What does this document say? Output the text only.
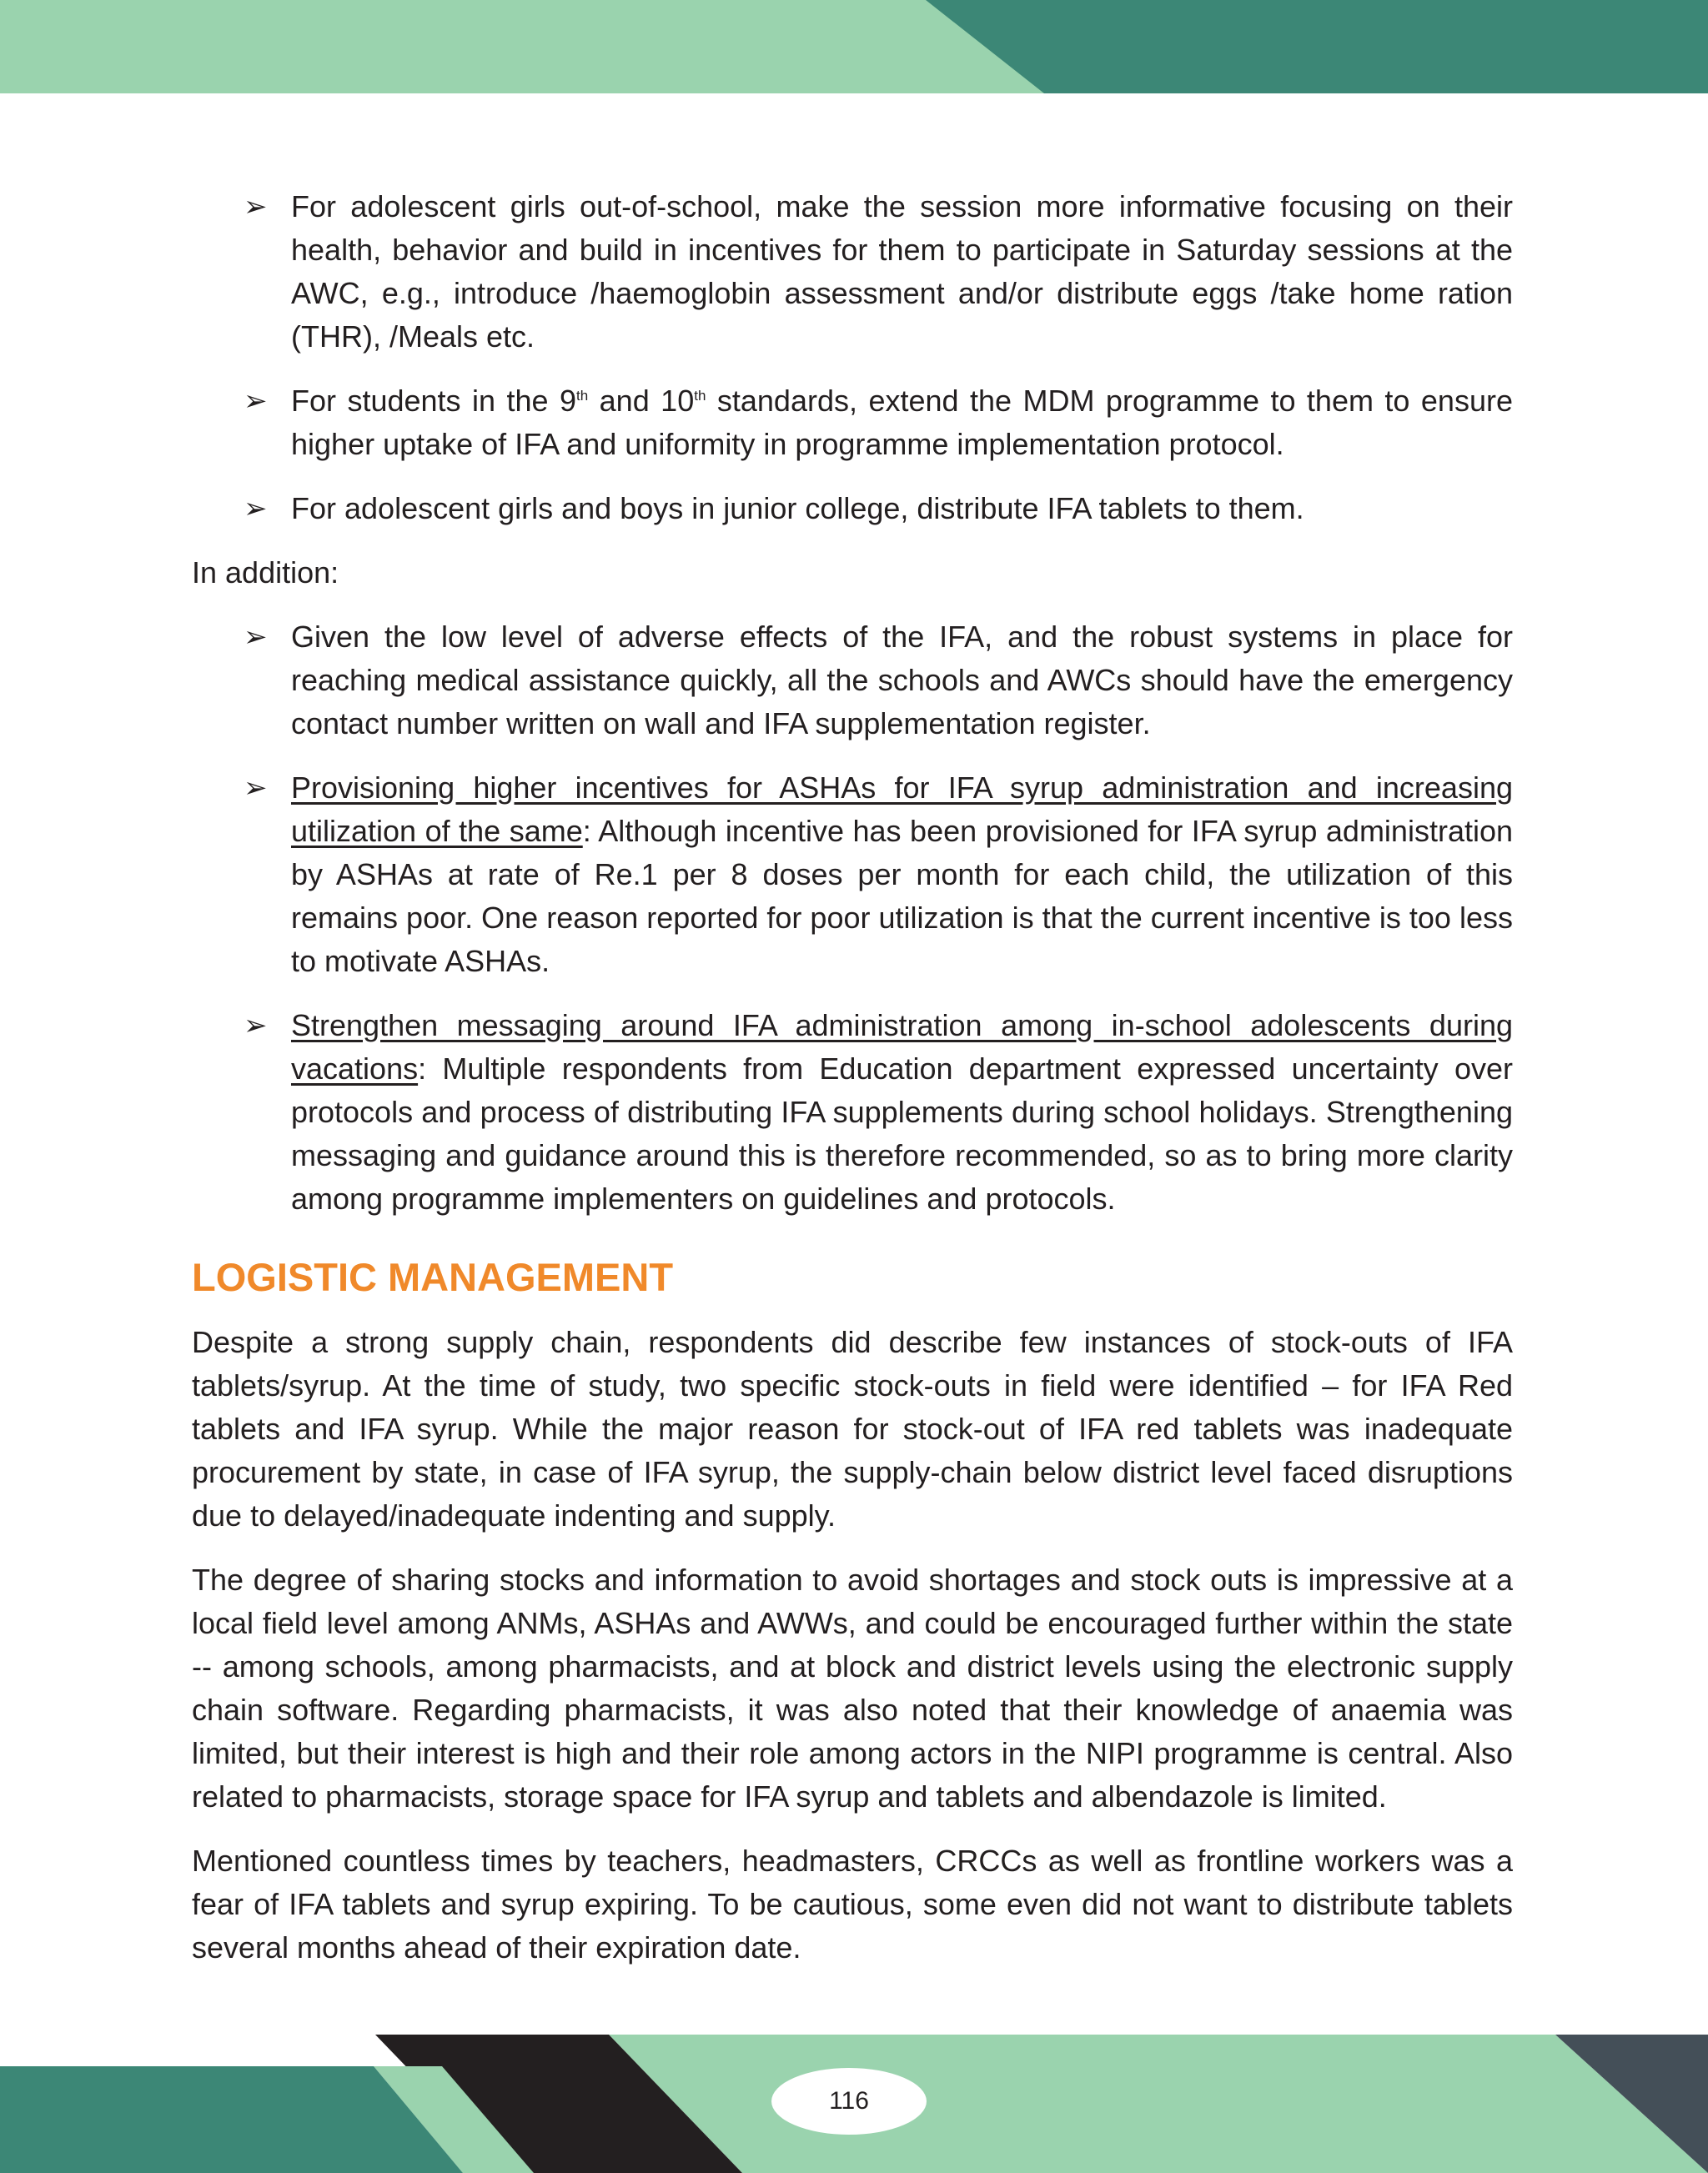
➢ For adolescent girls out-of-school, make the session more informative focusing on their health, behavior and build in incentives for them to participate in Saturday sessions at the AWC, e.g., introduce /haemoglobin assessment and/or distribute eggs /take home ration (THR), /Meals etc.
➢ For students in the 9th and 10th standards, extend the MDM programme to them to ensure higher uptake of IFA and uniformity in programme implementation protocol.
➢ For adolescent girls and boys in junior college, distribute IFA tablets to them.

In addition:

➢ Given the low level of adverse effects of the IFA, and the robust systems in place for reaching medical assistance quickly, all the schools and AWCs should have the emergency contact number written on wall and IFA supplementation register.
➢ Provisioning higher incentives for ASHAs for IFA syrup administration and increasing utilization of the same: Although incentive has been provisioned for IFA syrup administration by ASHAs at rate of Re.1 per 8 doses per month for each child, the utilization of this remains poor. One reason reported for poor utilization is that the current incentive is too less to motivate ASHAs.
➢ Strengthen messaging around IFA administration among in-school adolescents during vacations: Multiple respondents from Education department expressed uncertainty over protocols and process of distributing IFA supplements during school holidays. Strengthening messaging and guidance around this is therefore recommended, so as to bring more clarity among programme implementers on guidelines and protocols.
LOGISTIC MANAGEMENT

Despite a strong supply chain, respondents did describe few instances of stock-outs of IFA tablets/syrup. At the time of study, two specific stock-outs in field were identified – for IFA Red tablets and IFA syrup. While the major reason for stock-out of IFA red tablets was inadequate procurement by state, in case of IFA syrup, the supply-chain below district level faced disruptions due to delayed/inadequate indenting and supply.

The degree of sharing stocks and information to avoid shortages and stock outs is impressive at a local field level among ANMs, ASHAs and AWWs, and could be encouraged further within the state -- among schools, among pharmacists, and at block and district levels using the electronic supply chain software. Regarding pharmacists, it was also noted that their knowledge of anaemia was limited, but their interest is high and their role among actors in the NIPI programme is central. Also related to pharmacists, storage space for IFA syrup and tablets and albendazole is limited.

Mentioned countless times by teachers, headmasters, CRCCs as well as frontline workers was a fear of IFA tablets and syrup expiring. To be cautious, some even did not want to distribute tablets several months ahead of their expiration date.

116
